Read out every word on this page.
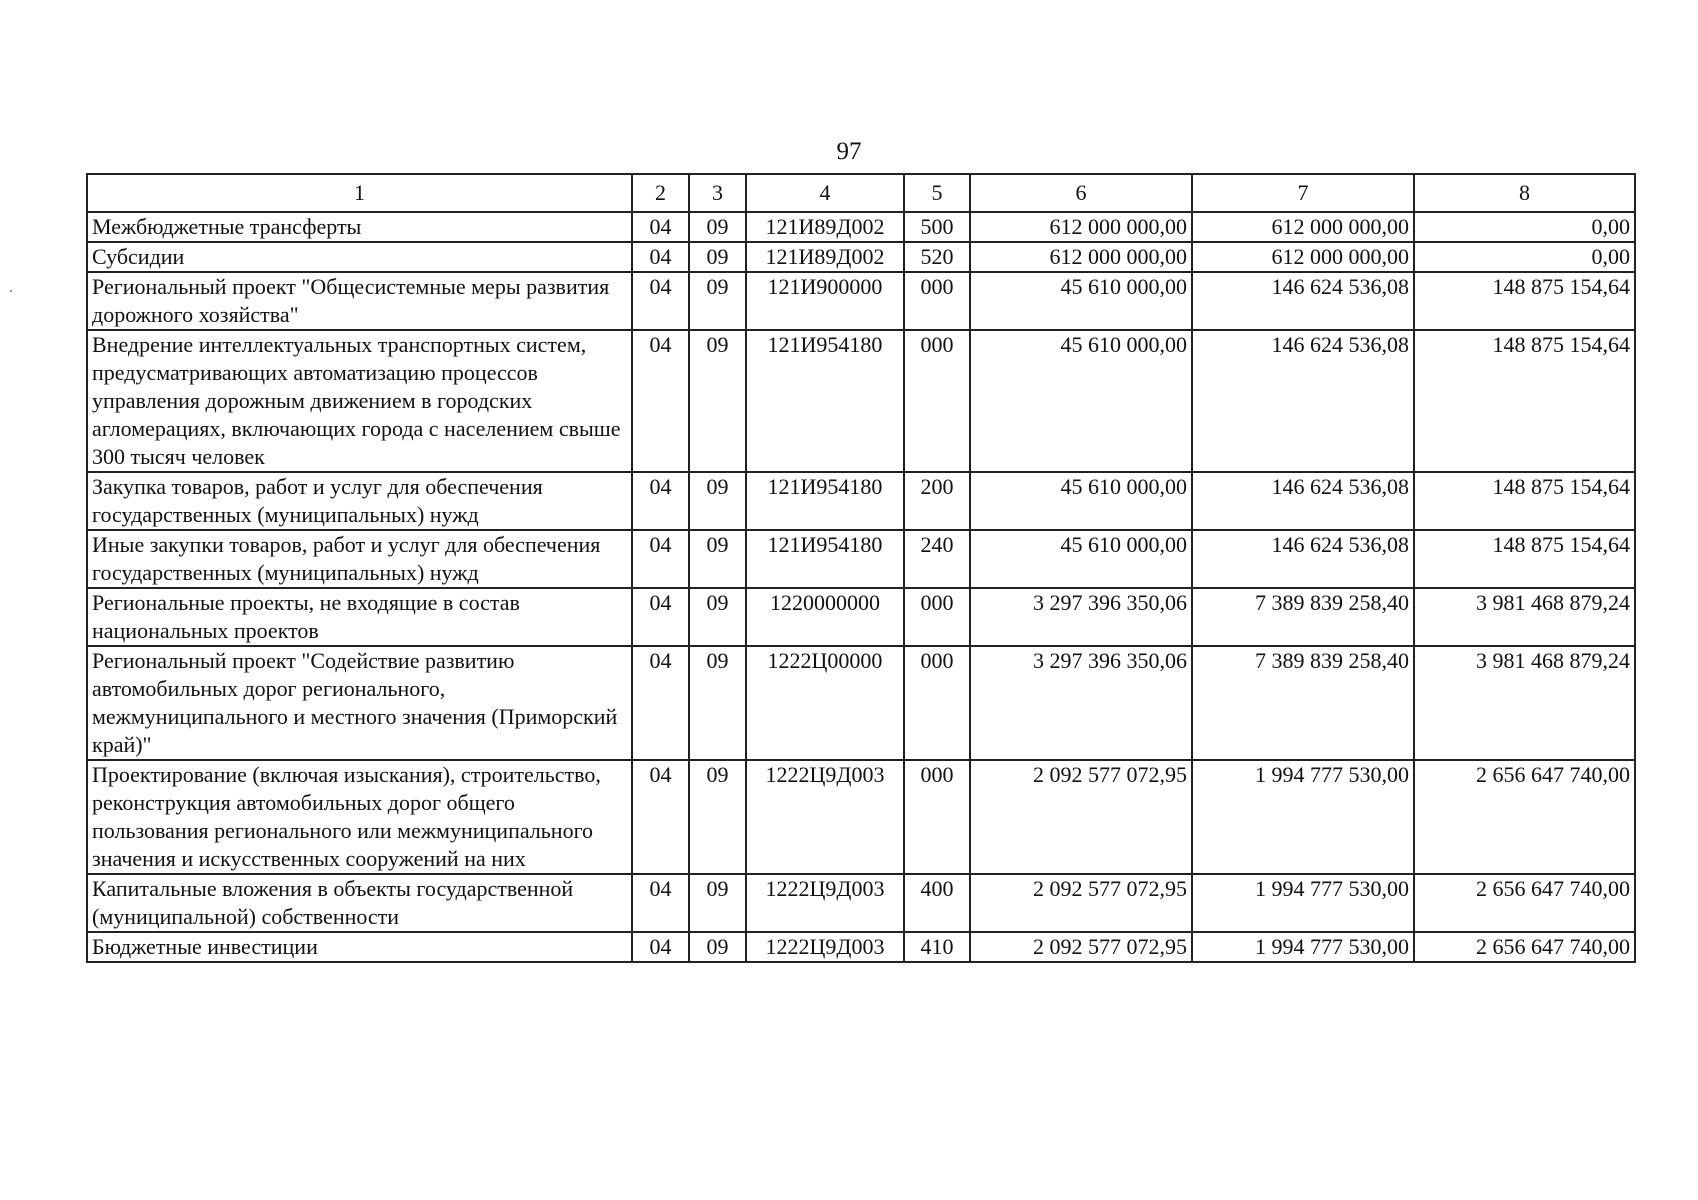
97
1	2	3	4	5	6	7	8
Межбюджетные трансферты	04	09	121И89Д002	500	612 000 000,00	612 000 000,00	0,00
Субсидии	04	09	121И89Д002	520	612 000 000,00	612 000 000,00	0,00
Региональный проект "Общесистемные меры развития дорожного хозяйства"	04	09	121И900000	000	45 610 000,00	146 624 536,08	148 875 154,64
Внедрение интеллектуальных транспортных систем, предусматривающих автоматизацию процессов управления дорожным движением в городских агломерациях, включающих города с населением свыше 300 тысяч человек	04	09	121И954180	000	45 610 000,00	146 624 536,08	148 875 154,64
Закупка товаров, работ и услуг для обеспечения государственных (муниципальных) нужд	04	09	121И954180	200	45 610 000,00	146 624 536,08	148 875 154,64
Иные закупки товаров, работ и услуг для обеспечения государственных (муниципальных) нужд	04	09	121И954180	240	45 610 000,00	146 624 536,08	148 875 154,64
Региональные проекты, не входящие в состав национальных проектов	04	09	1220000000	000	3 297 396 350,06	7 389 839 258,40	3 981 468 879,24
Региональный проект "Содействие развитию автомобильных дорог регионального, межмуниципального и местного значения (Приморский край)"	04	09	1222Ц00000	000	3 297 396 350,06	7 389 839 258,40	3 981 468 879,24
Проектирование (включая изыскания), строительство, реконструкция автомобильных дорог общего пользования регионального или межмуниципального значения и искусственных сооружений на них	04	09	1222Ц9Д003	000	2 092 577 072,95	1 994 777 530,00	2 656 647 740,00
Капитальные вложения в объекты государственной (муниципальной) собственности	04	09	1222Ц9Д003	400	2 092 577 072,95	1 994 777 530,00	2 656 647 740,00
Бюджетные инвестиции	04	09	1222Ц9Д003	410	2 092 577 072,95	1 994 777 530,00	2 656 647 740,00
